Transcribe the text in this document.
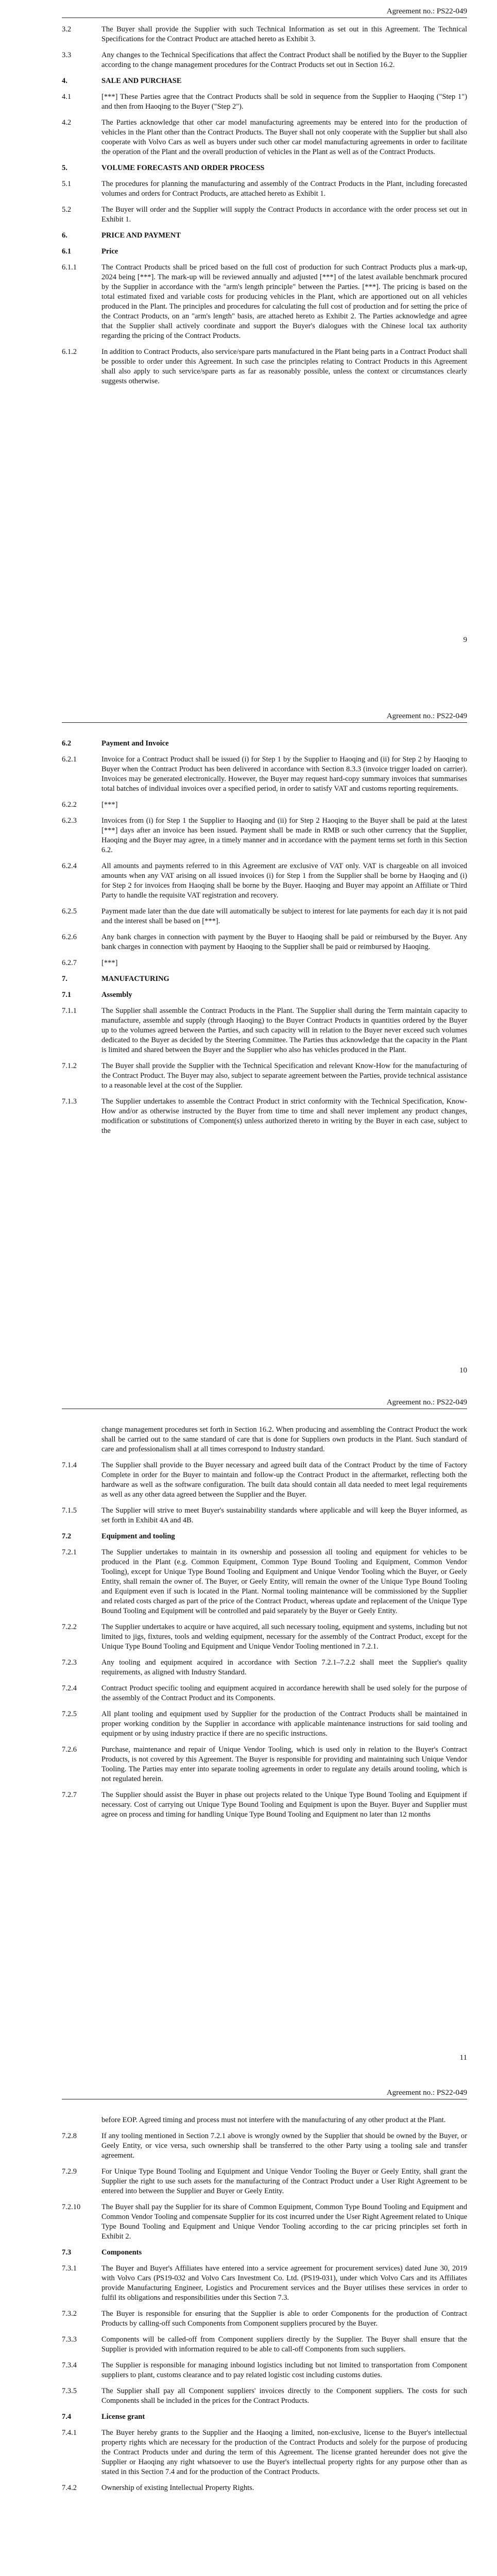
Agreement no.: PS22-049
3.2	The Buyer shall provide the Supplier with such Technical Information as set out in this Agreement. The Technical Specifications for the Contract Product are attached hereto as Exhibit 3.
3.3	Any changes to the Technical Specifications that affect the Contract Product shall be notified by the Buyer to the Supplier according to the change management procedures for the Contract Products set out in Section 16.2.
4.	SALE AND PURCHASE
4.1	[***] These Parties agree that the Contract Products shall be sold in sequence from the Supplier to Haoqing ("Step 1") and then from Haoqing to the Buyer ("Step 2").
4.2	The Parties acknowledge that other car model manufacturing agreements may be entered into for the production of vehicles in the Plant other than the Contract Products. The Buyer shall not only cooperate with the Supplier but shall also cooperate with Volvo Cars as well as buyers under such other car model manufacturing agreements in order to facilitate the operation of the Plant and the overall production of vehicles in the Plant as well as of the Contract Products.
5.	VOLUME FORECASTS AND ORDER PROCESS
5.1	The procedures for planning the manufacturing and assembly of the Contract Products in the Plant, including forecasted volumes and orders for Contract Products, are attached hereto as Exhibit 1.
5.2	The Buyer will order and the Supplier will supply the Contract Products in accordance with the order process set out in Exhibit 1.
6.	PRICE AND PAYMENT
6.1	Price
6.1.1	The Contract Products shall be priced based on the full cost of production for such Contract Products plus a mark-up, 2024 being [***]. The mark-up will be reviewed annually and adjusted [***] of the latest available benchmark procured by the Supplier in accordance with the "arm's length principle" between the Parties. [***]. The pricing is based on the total estimated fixed and variable costs for producing vehicles in the Plant, which are apportioned out on all vehicles produced in the Plant. The principles and procedures for calculating the full cost of production and for setting the price of the Contract Products, on an "arm's length" basis, are attached hereto as Exhibit 2. The Parties acknowledge and agree that the Supplier shall actively coordinate and support the Buyer's dialogues with the Chinese local tax authority regarding the pricing of the Contract Products.
6.1.2	In addition to Contract Products, also service/spare parts manufactured in the Plant being parts in a Contract Product shall be possible to order under this Agreement. In such case the principles relating to Contract Products in this Agreement shall also apply to such service/spare parts as far as reasonably possible, unless the context or circumstances clearly suggests otherwise.
9
Agreement no.: PS22-049
6.2	Payment and Invoice
6.2.1	Invoice for a Contract Product shall be issued (i) for Step 1 by the Supplier to Haoqing and (ii) for Step 2 by Haoqing to Buyer when the Contract Product has been delivered in accordance with Section 8.3.3 (invoice trigger loaded on carrier). Invoices may be generated electronically. However, the Buyer may request hard-copy summary invoices that summarises total batches of individual invoices over a specified period, in order to satisfy VAT and customs reporting requirements.
6.2.2	[***]
6.2.3	Invoices from (i) for Step 1 the Supplier to Haoqing and (ii) for Step 2 Haoqing to the Buyer shall be paid at the latest [***] days after an invoice has been issued. Payment shall be made in RMB or such other currency that the Supplier, Haoqing and the Buyer may agree, in a timely manner and in accordance with the payment terms set forth in this Section 6.2.
6.2.4	All amounts and payments referred to in this Agreement are exclusive of VAT only. VAT is chargeable on all invoiced amounts when any VAT arising on all issued invoices (i) for Step 1 from the Supplier shall be borne by Haoqing and (i) for Step 2 for invoices from Haoqing shall be borne by the Buyer. Haoqing and Buyer may appoint an Affiliate or Third Party to handle the requisite VAT registration and recovery.
6.2.5	Payment made later than the due date will automatically be subject to interest for late payments for each day it is not paid and the interest shall be based on [***].
6.2.6	Any bank charges in connection with payment by the Buyer to Haoqing shall be paid or reimbursed by the Buyer. Any bank charges in connection with payment by Haoqing to the Supplier shall be paid or reimbursed by Haoqing.
6.2.7	[***]
7.	MANUFACTURING
7.1	Assembly
7.1.1	The Supplier shall assemble the Contract Products in the Plant. The Supplier shall during the Term maintain capacity to manufacture, assemble and supply (through Haoqing) to the Buyer Contract Products in quantities ordered by the Buyer up to the volumes agreed between the Parties, and such capacity will in relation to the Buyer never exceed such volumes dedicated to the Buyer as decided by the Steering Committee. The Parties thus acknowledge that the capacity in the Plant is limited and shared between the Buyer and the Supplier who also has vehicles produced in the Plant.
7.1.2	The Buyer shall provide the Supplier with the Technical Specification and relevant Know-How for the manufacturing of the Contract Product. The Buyer may also, subject to separate agreement between the Parties, provide technical assistance to a reasonable level at the cost of the Supplier.
7.1.3	The Supplier undertakes to assemble the Contract Product in strict conformity with the Technical Specification, Know-How and/or as otherwise instructed by the Buyer from time to time and shall never implement any product changes, modification or substitutions of Component(s) unless authorized thereto in writing by the Buyer in each case, subject to the
10
Agreement no.: PS22-049
change management procedures set forth in Section 16.2. When producing and assembling the Contract Product the work shall be carried out to the same standard of care that is done for Suppliers own products in the Plant. Such standard of care and professionalism shall at all times correspond to Industry standard.
7.1.4	The Supplier shall provide to the Buyer necessary and agreed built data of the Contract Product by the time of Factory Complete in order for the Buyer to maintain and follow-up the Contract Product in the aftermarket, reflecting both the hardware as well as the software configuration. The built data should contain all data needed to meet legal requirements as well as any other data agreed between the Supplier and the Buyer.
7.1.5	The Supplier will strive to meet Buyer's sustainability standards where applicable and will keep the Buyer informed, as set forth in Exhibit 4A and 4B.
7.2	Equipment and tooling
7.2.1	The Supplier undertakes to maintain in its ownership and possession all tooling and equipment for vehicles to be produced in the Plant (e.g. Common Equipment, Common Type Bound Tooling and Equipment, Common Vendor Tooling), except for Unique Type Bound Tooling and Equipment and Unique Vendor Tooling which the Buyer, or Geely Entity, shall remain the owner of. The Buyer, or Geely Entity, will remain the owner of the Unique Type Bound Tooling and Equipment even if such is located in the Plant. Normal tooling maintenance will be commissioned by the Supplier and related costs charged as part of the price of the Contract Product, whereas update and replacement of the Unique Type Bound Tooling and Equipment will be controlled and paid separately by the Buyer or Geely Entity.
7.2.2	The Supplier undertakes to acquire or have acquired, all such necessary tooling, equipment and systems, including but not limited to jigs, fixtures, tools and welding equipment, necessary for the assembly of the Contract Product, except for the Unique Type Bound Tooling and Equipment and Unique Vendor Tooling mentioned in 7.2.1.
7.2.3	Any tooling and equipment acquired in accordance with Section 7.2.1–7.2.2 shall meet the Supplier's quality requirements, as aligned with Industry Standard.
7.2.4	Contract Product specific tooling and equipment acquired in accordance herewith shall be used solely for the purpose of the assembly of the Contract Product and its Components.
7.2.5	All plant tooling and equipment used by Supplier for the production of the Contract Products shall be maintained in proper working condition by the Supplier in accordance with applicable maintenance instructions for said tooling and equipment or by using industry practice if there are no specific instructions.
7.2.6	Purchase, maintenance and repair of Unique Vendor Tooling, which is used only in relation to the Buyer's Contract Products, is not covered by this Agreement. The Buyer is responsible for providing and maintaining such Unique Vendor Tooling. The Parties may enter into separate tooling agreements in order to regulate any details around tooling, which is not regulated herein.
7.2.7	The Supplier should assist the Buyer in phase out projects related to the Unique Type Bound Tooling and Equipment if necessary. Cost of carrying out Unique Type Bound Tooling and Equipment is upon the Buyer. Buyer and Supplier must agree on process and timing for handling Unique Type Bound Tooling and Equipment no later than 12 months
11
Agreement no.: PS22-049
before EOP. Agreed timing and process must not interfere with the manufacturing of any other product at the Plant.
7.2.8	If any tooling mentioned in Section 7.2.1 above is wrongly owned by the Supplier that should be owned by the Buyer, or Geely Entity, or vice versa, such ownership shall be transferred to the other Party using a tooling sale and transfer agreement.
7.2.9	For Unique Type Bound Tooling and Equipment and Unique Vendor Tooling the Buyer or Geely Entity, shall grant the Supplier the right to use such assets for the manufacturing of the Contract Product under a User Right Agreement to be entered into between the Supplier and Buyer or Geely Entity.
7.2.10	The Buyer shall pay the Supplier for its share of Common Equipment, Common Type Bound Tooling and Equipment and Common Vendor Tooling and compensate Supplier for its cost incurred under the User Right Agreement related to Unique Type Bound Tooling and Equipment and Unique Vendor Tooling according to the car pricing principles set forth in Exhibit 2.
7.3	Components
7.3.1	The Buyer and Buyer's Affiliates have entered into a service agreement for procurement services) dated June 30, 2019 with Volvo Cars (PS19-032 and Volvo Cars Investment Co. Ltd. (PS19-031), under which Volvo Cars and its Affiliates provide Manufacturing Engineer, Logistics and Procurement services and the Buyer utilises these services in order to fulfil its obligations and responsibilities under this Section 7.3.
7.3.2	The Buyer is responsible for ensuring that the Supplier is able to order Components for the production of Contract Products by calling-off such Components from Component suppliers procured by the Buyer.
7.3.3	Components will be called-off from Component suppliers directly by the Supplier. The Buyer shall ensure that the Supplier is provided with information required to be able to call-off Components from such suppliers.
7.3.4	The Supplier is responsible for managing inbound logistics including but not limited to transportation from Component suppliers to plant, customs clearance and to pay related logistic cost including customs duties.
7.3.5	The Supplier shall pay all Component suppliers' invoices directly to the Component suppliers. The costs for such Components shall be included in the prices for the Contract Products.
7.4	License grant
7.4.1	The Buyer hereby grants to the Supplier and the Haoqing a limited, non-exclusive, license to the Buyer's intellectual property rights which are necessary for the production of the Contract Products and solely for the purpose of producing the Contract Products under and during the term of this Agreement. The license granted hereunder does not give the Supplier or Haoqing any right whatsoever to use the Buyer's intellectual property rights for any purpose other than as stated in this Section 7.4 and for the production of the Contract Products.
7.4.2	Ownership of existing Intellectual Property Rights.
